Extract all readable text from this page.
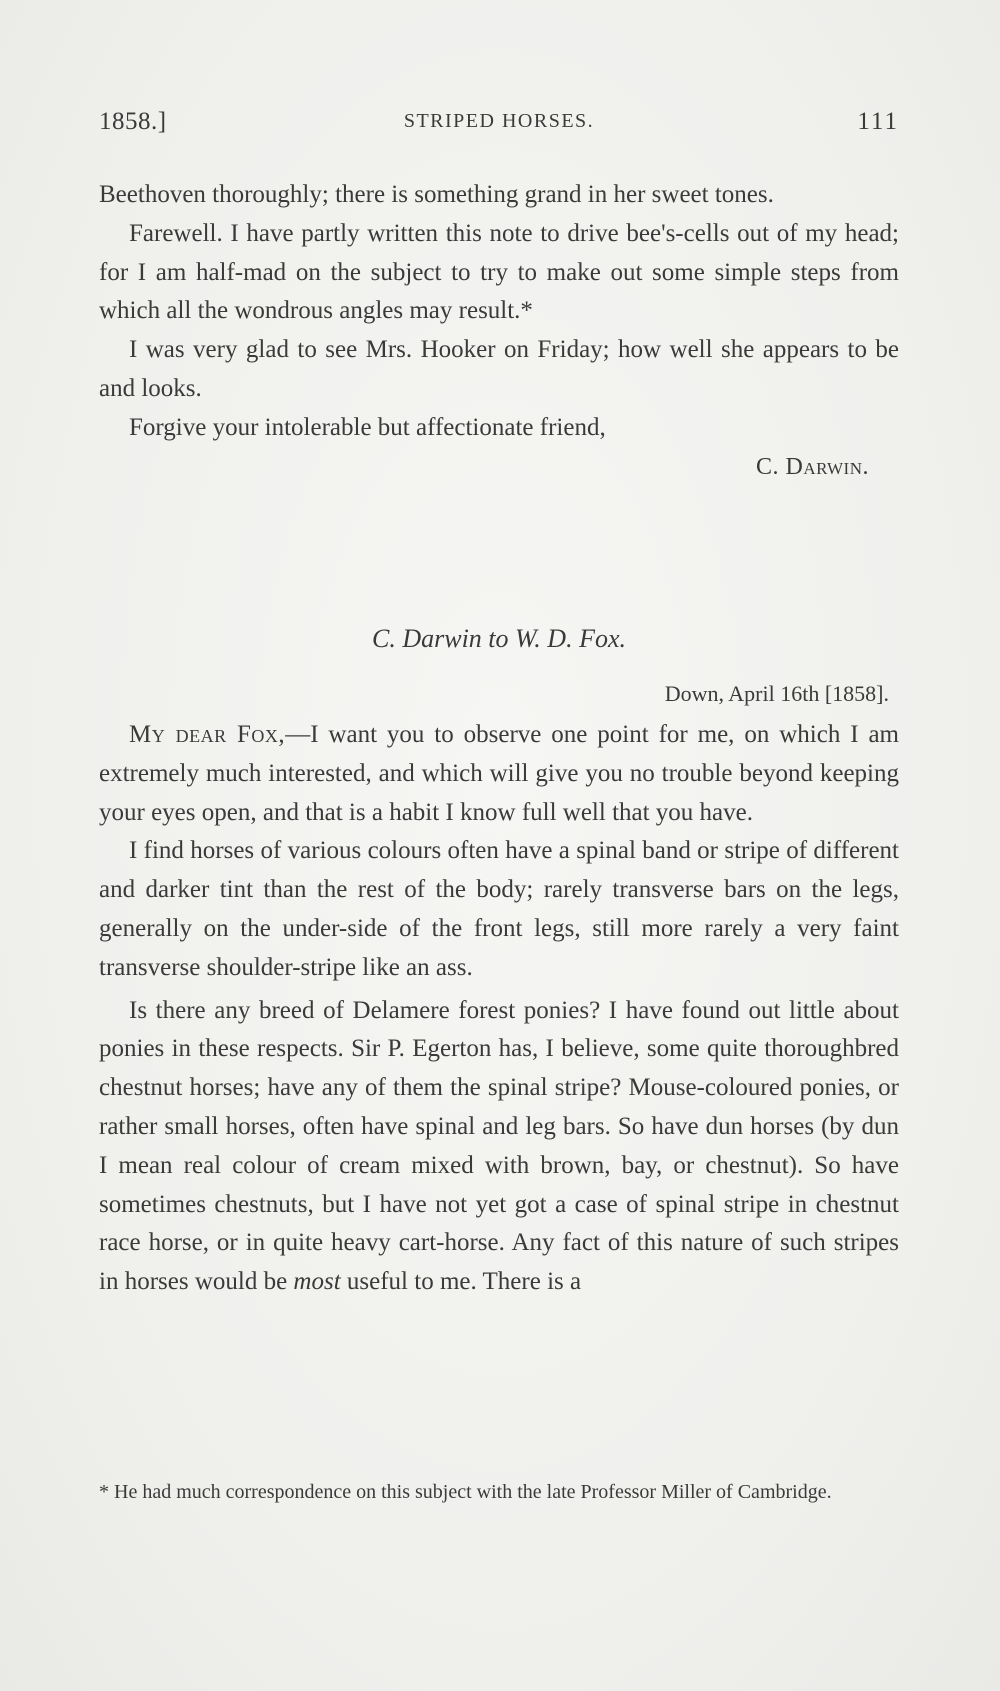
1858.]	STRIPED HORSES.	111

Beethoven thoroughly; there is something grand in her sweet tones.

Farewell. I have partly written this note to drive bee's-cells out of my head; for I am half-mad on the subject to try to make out some simple steps from which all the wondrous angles may result.*

I was very glad to see Mrs. Hooker on Friday; how well she appears to be and looks.

Forgive your intolerable but affectionate friend,

C. Darwin.

C. Darwin to W. D. Fox.
Down, April 16th [1858].

My dear Fox,—I want you to observe one point for me, on which I am extremely much interested, and which will give you no trouble beyond keeping your eyes open, and that is a habit I know full well that you have.

I find horses of various colours often have a spinal band or stripe of different and darker tint than the rest of the body; rarely transverse bars on the legs, generally on the under-side of the front legs, still more rarely a very faint transverse shoulder-stripe like an ass.

Is there any breed of Delamere forest ponies? I have found out little about ponies in these respects. Sir P. Egerton has, I believe, some quite thoroughbred chestnut horses; have any of them the spinal stripe? Mouse-coloured ponies, or rather small horses, often have spinal and leg bars. So have dun horses (by dun I mean real colour of cream mixed with brown, bay, or chestnut). So have sometimes chestnuts, but I have not yet got a case of spinal stripe in chestnut race horse, or in quite heavy cart-horse. Any fact of this nature of such stripes in horses would be most useful to me. There is a

* He had much correspondence on this subject with the late Professor Miller of Cambridge.
